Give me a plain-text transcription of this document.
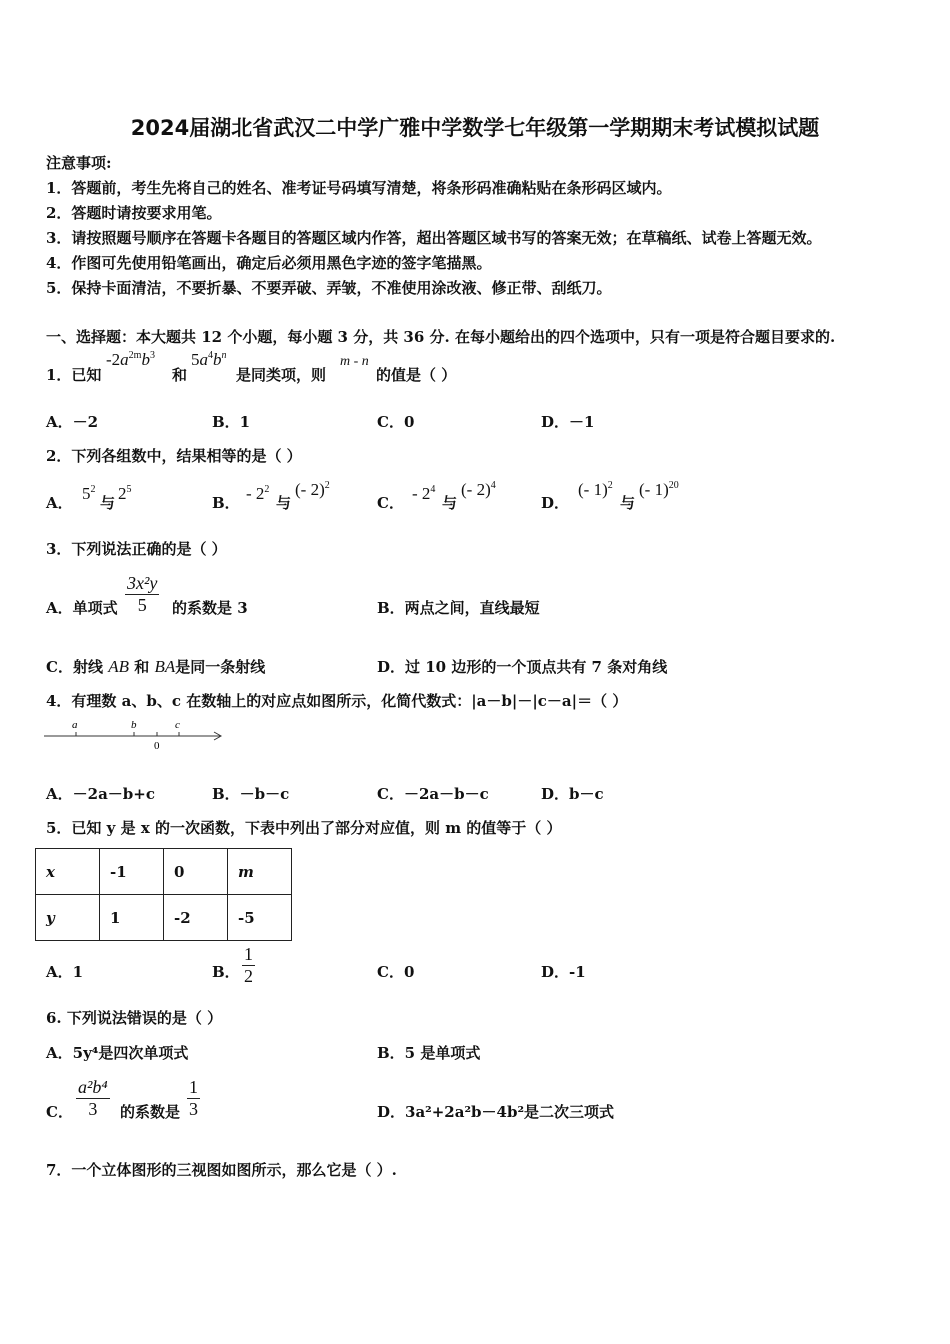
2024届湖北省武汉二中学广雅中学数学七年级第一学期期末考试模拟试题
注意事项:
1．答题前，考生先将自己的姓名、准考证号码填写清楚，将条形码准确粘贴在条形码区域内。
2．答题时请按要求用笔。
3．请按照题号顺序在答题卡各题目的答题区域内作答，超出答题区域书写的答案无效；在草稿纸、试卷上答题无效。
4．作图可先使用铅笔画出，确定后必须用黑色字迹的签字笔描黑。
5．保持卡面清洁，不要折暴、不要弄破、弄皱，不准使用涂改液、修正带、刮纸刀。
一、选择题：本大题共 12 个小题，每小题 3 分，共 36 分. 在每小题给出的四个选项中，只有一项是符合题目要求的.
1．已知
$-2a^{2m}b^3$
和
$5a^4b^n$
是同类项，则
m - n
的值是（ ）
A．－2	B．1	C．0	D．－1
2．下列各组数中，结果相等的是（ ）
A． $5^2$
与 $2^5$
B． - $2^2$
与
(- 2)$^2$
C． - $2^4$
与
(- 2)$^4$
D．
(- 1)$^2$
与
(- 1)$^{20}$
3．下列说法正确的是（ ）
A．单项式 $\frac{\text{3x²y}}{5}$ 的系数是 3	B．两点之间，直线最短
C．射线 AB 和 BA是同一条射线	D．过 10 边形的一个顶点共有 7 条对角线
4．有理数 a、b、c 在数轴上的对应点如图所示，化简代数式：|a－b|－|c－a|＝（ ）
a	b	c
0
A．－2a－b+c	B．－b－c	C．－2a－b－c	D．b－c
5．已知 y 是 x 的一次函数，下表中列出了部分对应值，则 m 的值等于（ ）
x	-1	0	m
y	1	-2	-5
A．1	B． $\frac{1}{2}$	C．0	D．-1
6. 下列说法错误的是（ ）
A．5y⁴是四次单项式	B．5 是单项式
C． $\frac{\text{a²b⁴}}{3}$ 的系数是 $\frac{1}{3}$	D．3a²+2a²b－4b²是二次三项式
7．一个立体图形的三视图如图所示，那么它是（ ）.
